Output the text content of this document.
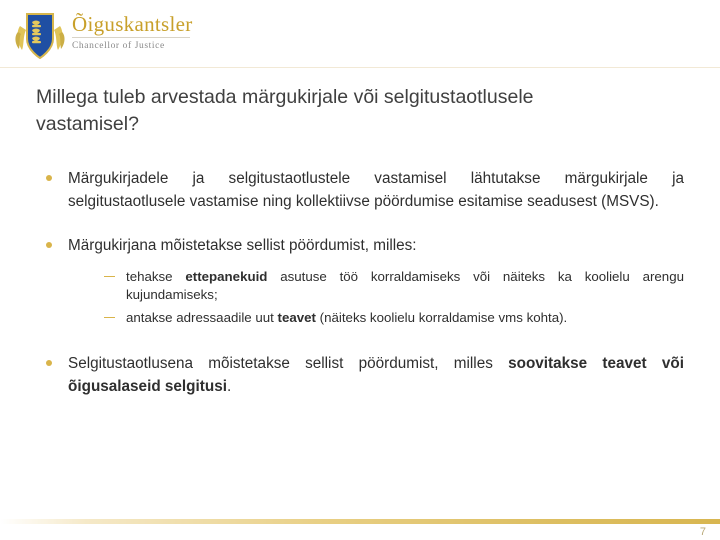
Õiguskantsler
Chancellor of Justice
Millega tuleb arvestada märgukirjale või selgitustaotlusele vastamisel?
Märgukirjadele ja selgitustaotlustele vastamisel lähtutakse märgukirjale ja selgitustaotlusele vastamise ning kollektiivse pöördumise esitamise seadusest (MSVS).
Märgukirjana mõistetakse sellist pöördumist, milles:
tehakse ettepanekuid asutuse töö korraldamiseks või näiteks ka koolielu arengu kujundamiseks;
antakse adressaadile uut teavet (näiteks koolielu korraldamise vms kohta).
Selgitustaotlusena mõistetakse sellist pöördumist, milles soovitakse teavet või õigusalaseid selgitusi.
7
